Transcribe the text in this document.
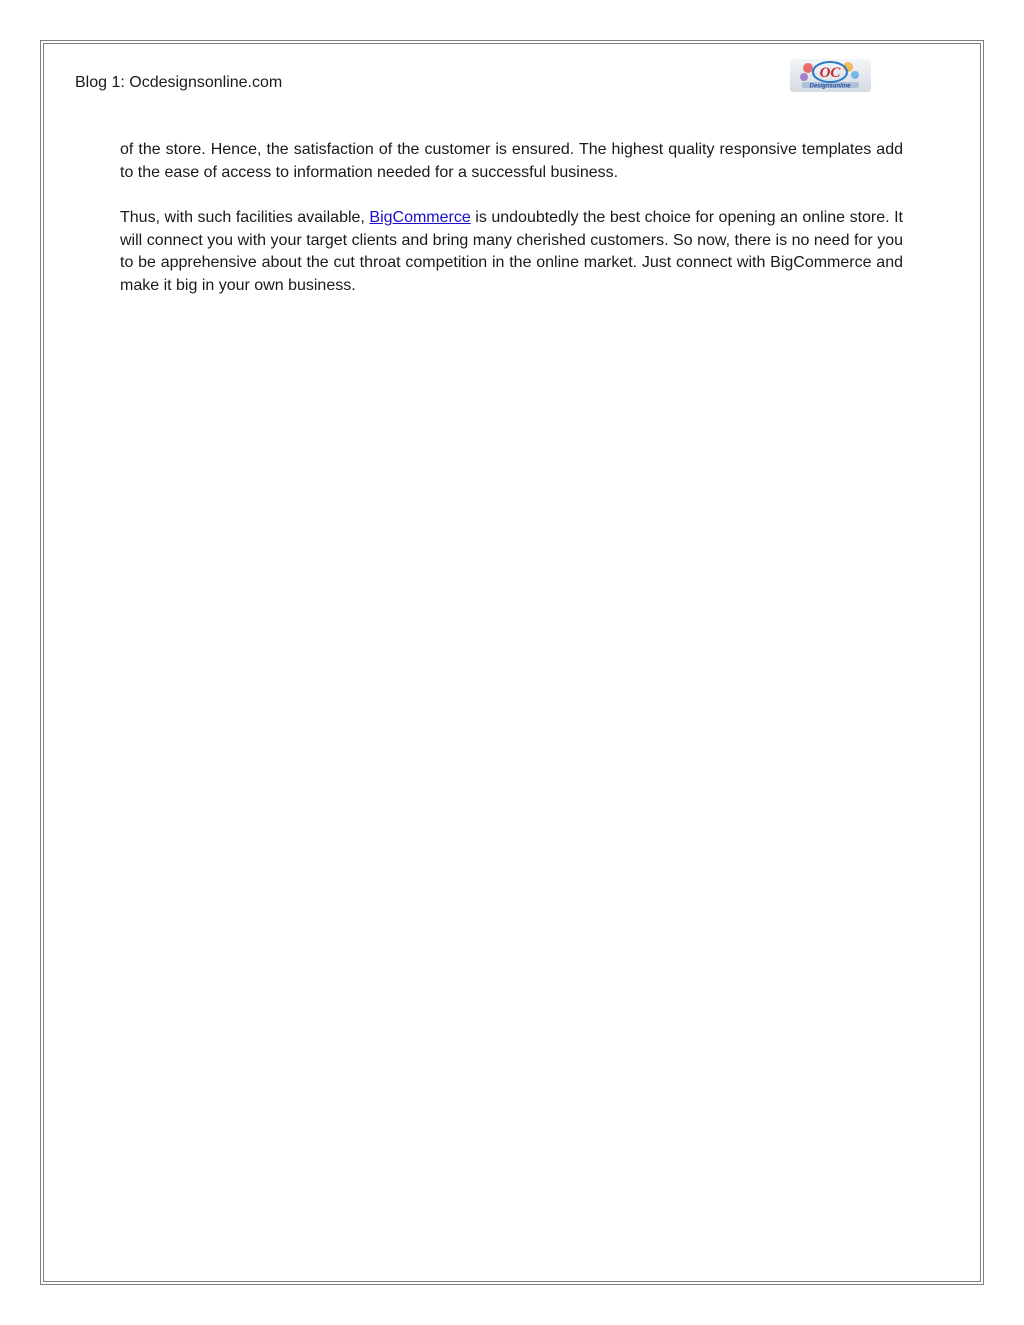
Blog 1: Ocdesignsonline.com
OC
Designsonline

of the store. Hence, the satisfaction of the customer is ensured. The highest quality responsive templates add to the ease of access to information needed for a successful business.

Thus, with such facilities available, BigCommerce is undoubtedly the best choice for opening an online store. It will connect you with your target clients and bring many cherished customers. So now, there is no need for you to be apprehensive about the cut throat competition in the online market. Just connect with BigCommerce and make it big in your own business.
